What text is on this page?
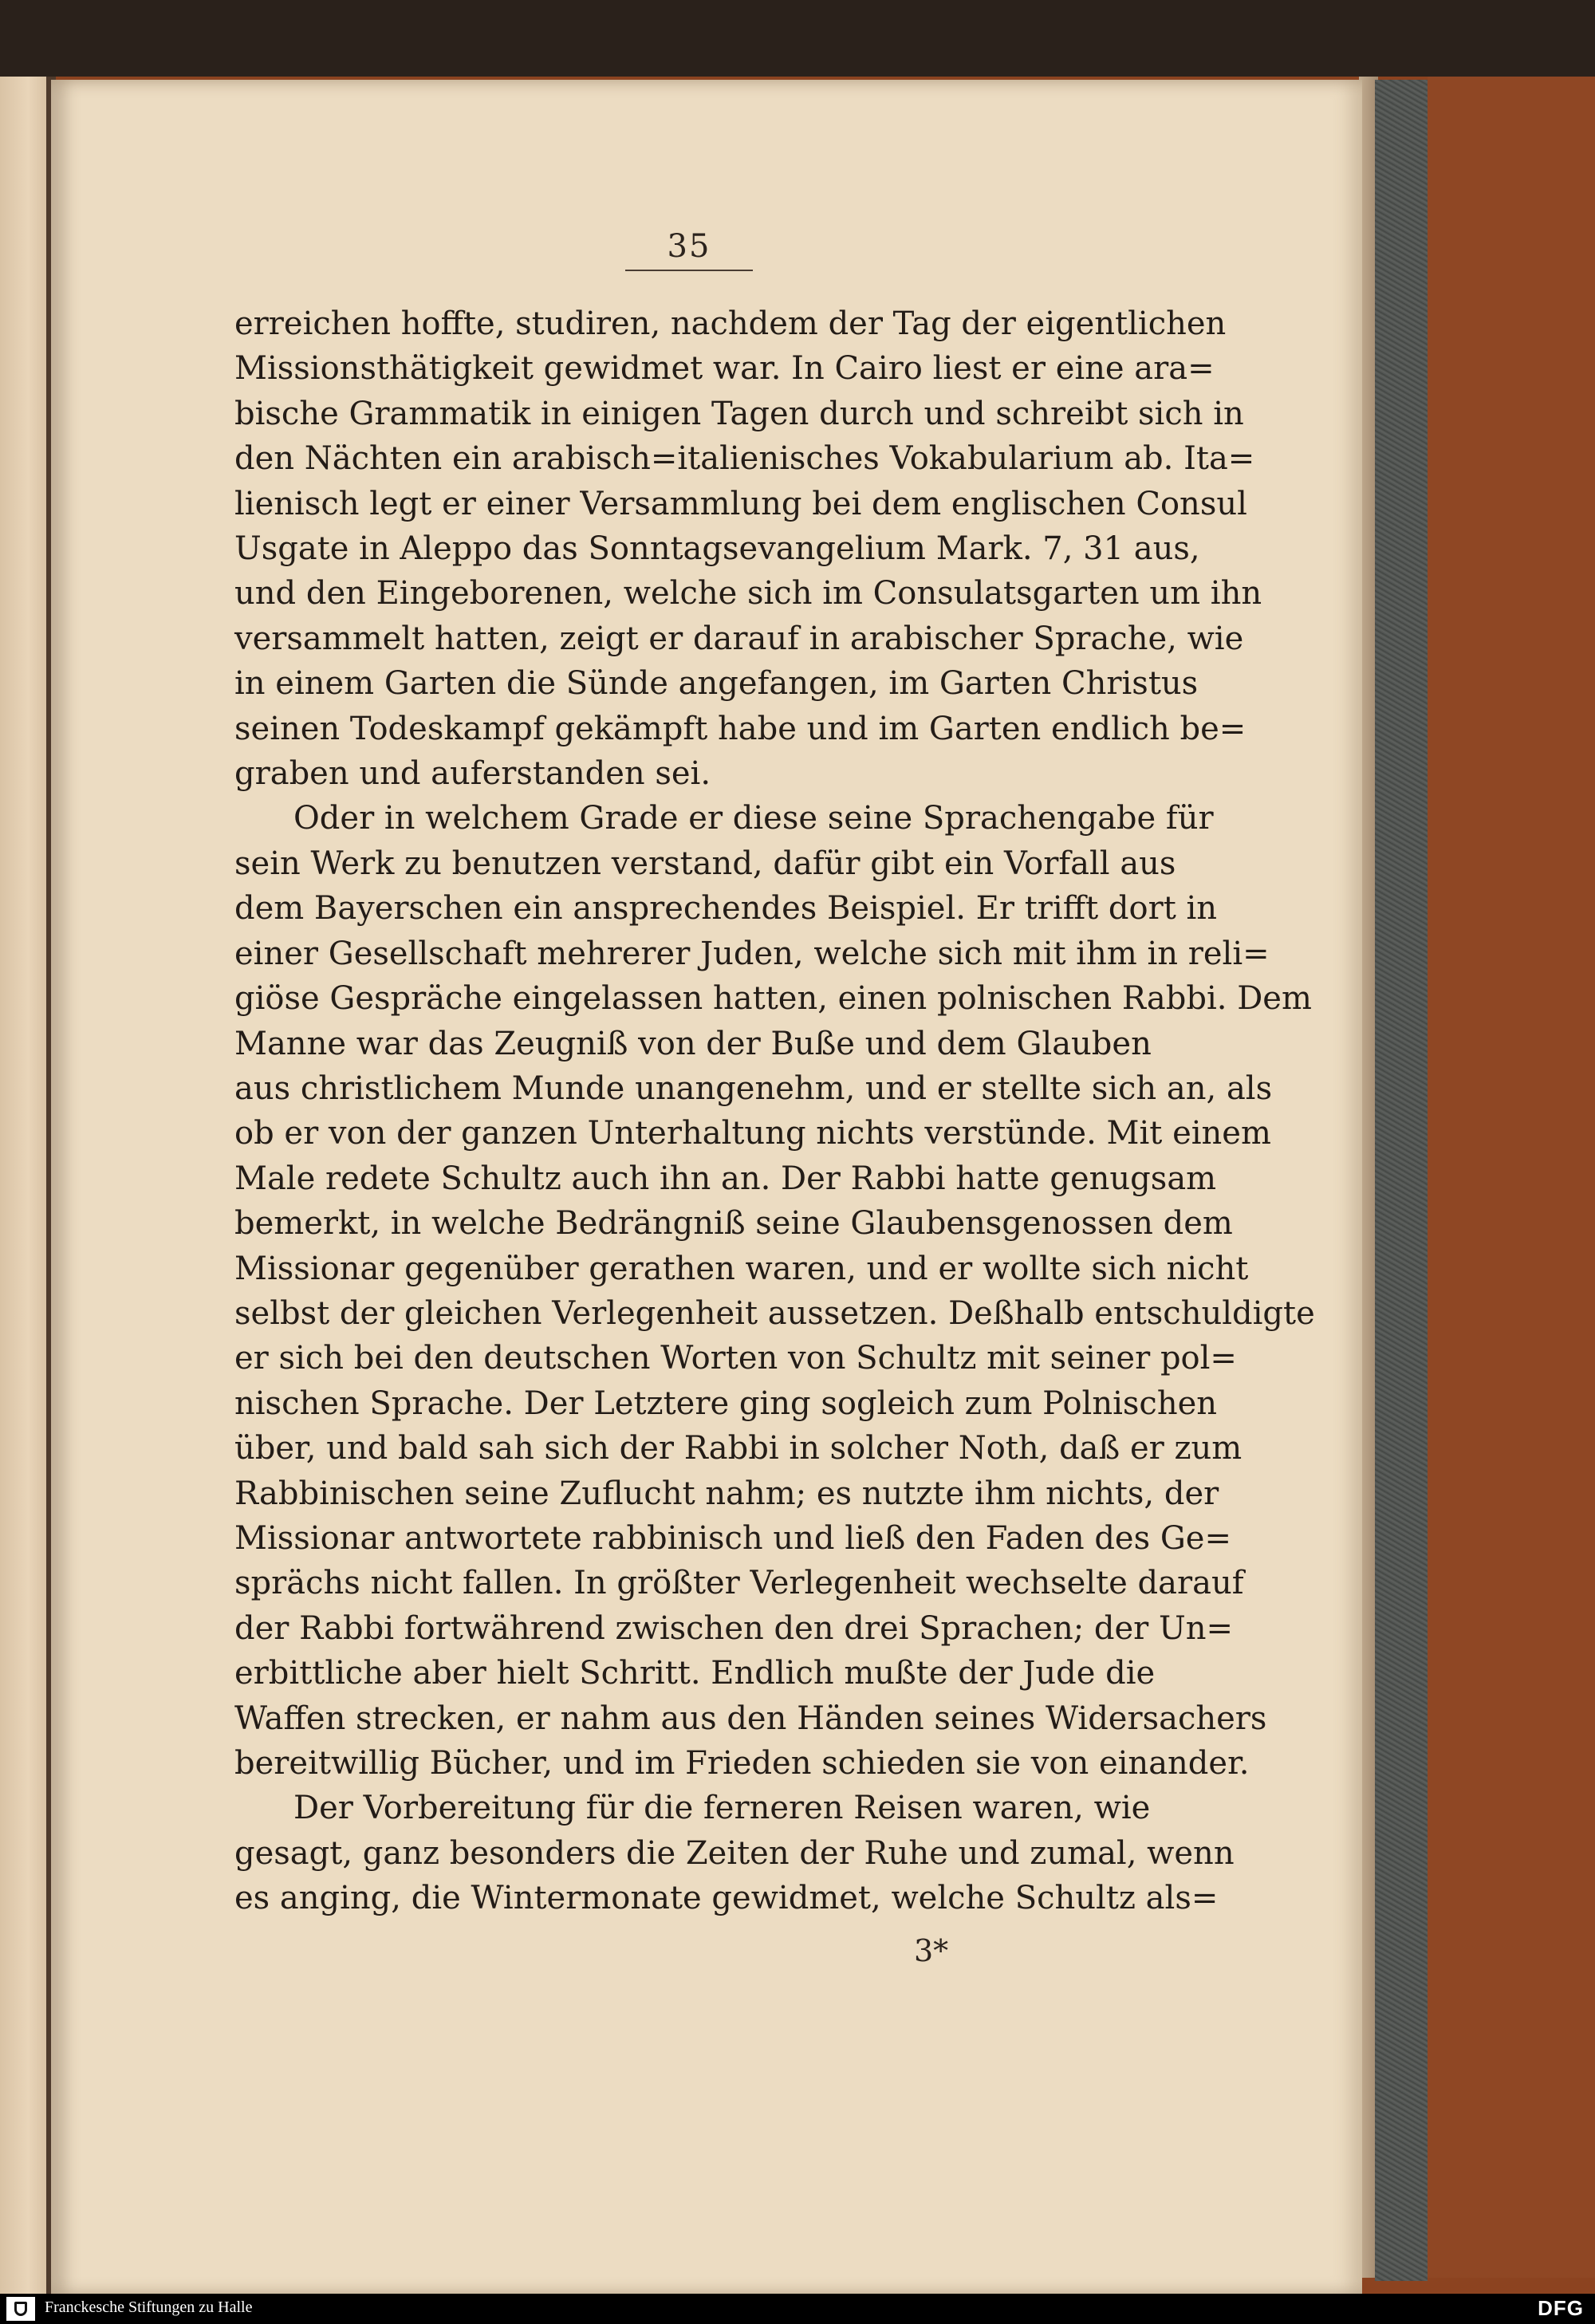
35
erreichen hoffte, studiren, nachdem der Tag der eigentlichen
Missionsthätigkeit gewidmet war. In Cairo liest er eine ara=
bische Grammatik in einigen Tagen durch und schreibt sich in
den Nächten ein arabisch=italienisches Vokabularium ab. Ita=
lienisch legt er einer Versammlung bei dem englischen Consul
Usgate in Aleppo das Sonntagsevangelium Mark. 7, 31 aus,
und den Eingeborenen, welche sich im Consulatsgarten um ihn
versammelt hatten, zeigt er darauf in arabischer Sprache, wie
in einem Garten die Sünde angefangen, im Garten Christus
seinen Todeskampf gekämpft habe und im Garten endlich be=
graben und auferstanden sei.
Oder in welchem Grade er diese seine Sprachengabe für
sein Werk zu benutzen verstand, dafür gibt ein Vorfall aus
dem Bayerschen ein ansprechendes Beispiel. Er trifft dort in
einer Gesellschaft mehrerer Juden, welche sich mit ihm in reli=
giöse Gespräche eingelassen hatten, einen polnischen Rabbi. Dem
Manne war das Zeugniß von der Buße und dem Glauben
aus christlichem Munde unangenehm, und er stellte sich an, als
ob er von der ganzen Unterhaltung nichts verstünde. Mit einem
Male redete Schultz auch ihn an. Der Rabbi hatte genugsam
bemerkt, in welche Bedrängniß seine Glaubensgenossen dem
Missionar gegenüber gerathen waren, und er wollte sich nicht
selbst der gleichen Verlegenheit aussetzen. Deßhalb entschuldigte
er sich bei den deutschen Worten von Schultz mit seiner pol=
nischen Sprache. Der Letztere ging sogleich zum Polnischen
über, und bald sah sich der Rabbi in solcher Noth, daß er zum
Rabbinischen seine Zuflucht nahm; es nutzte ihm nichts, der
Missionar antwortete rabbinisch und ließ den Faden des Ge=
sprächs nicht fallen. In größter Verlegenheit wechselte darauf
der Rabbi fortwährend zwischen den drei Sprachen; der Un=
erbittliche aber hielt Schritt. Endlich mußte der Jude die
Waffen strecken, er nahm aus den Händen seines Widersachers
bereitwillig Bücher, und im Frieden schieden sie von einander.
Der Vorbereitung für die ferneren Reisen waren, wie
gesagt, ganz besonders die Zeiten der Ruhe und zumal, wenn
es anging, die Wintermonate gewidmet, welche Schultz als=
3*
Franckesche Stiftungen zu Halle	DFG
